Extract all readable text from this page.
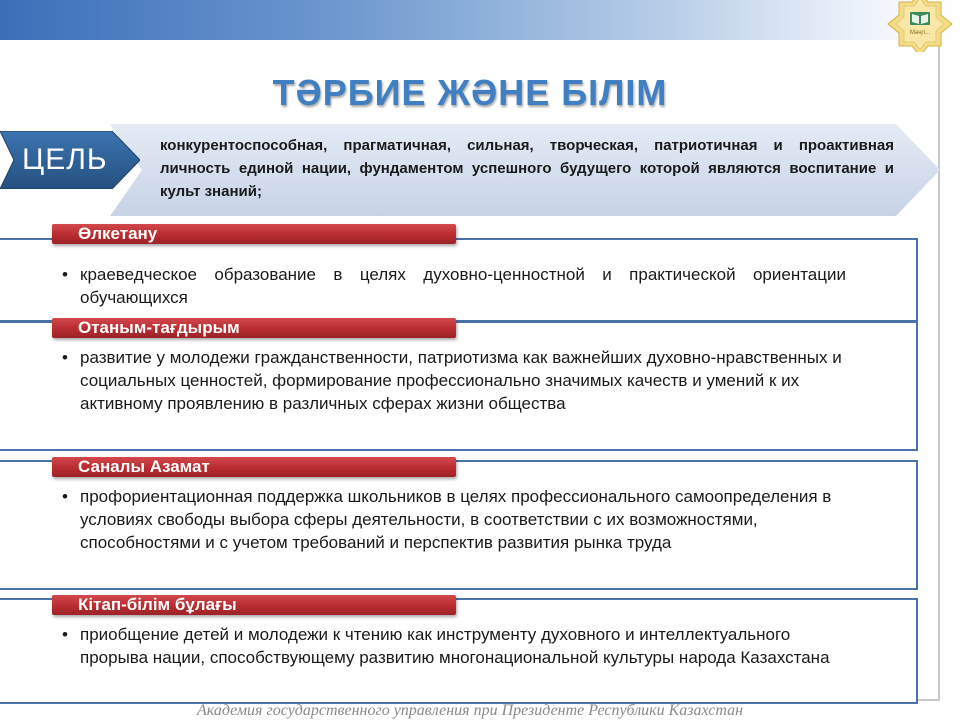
Мәңгі...
ТӘРБИЕ ЖӘНЕ БІЛІМ
конкурентоспособная, прагматичная, сильная, творческая, патриотичная и проактивная личность единой нации, фундаментом успешного будущего которой являются воспитание и культ знаний;
ЦЕЛЬ
Өлкетану
• краеведческое образование в целях духовно-ценностной и практической ориентации обучающихся
Отаным-тағдырым
• развитие у молодежи гражданственности, патриотизма как важнейших духовно-нравственных и социальных ценностей, формирование профессионально значимых качеств и умений к их активному проявлению в различных сферах жизни общества
Саналы Азамат
• профориентационная поддержка школьников в целях профессионального самоопределения в условиях свободы выбора сферы деятельности, в соответствии с их возможностями, способностями и с учетом требований и перспектив развития рынка труда
Кітап-білім бұлағы
• приобщение детей и молодежи к чтению как инструменту духовного и интеллектуального прорыва нации, способствующему развитию многонациональной культуры народа Казахстана
Академия государственного управления при Президенте Республики Казахстан
